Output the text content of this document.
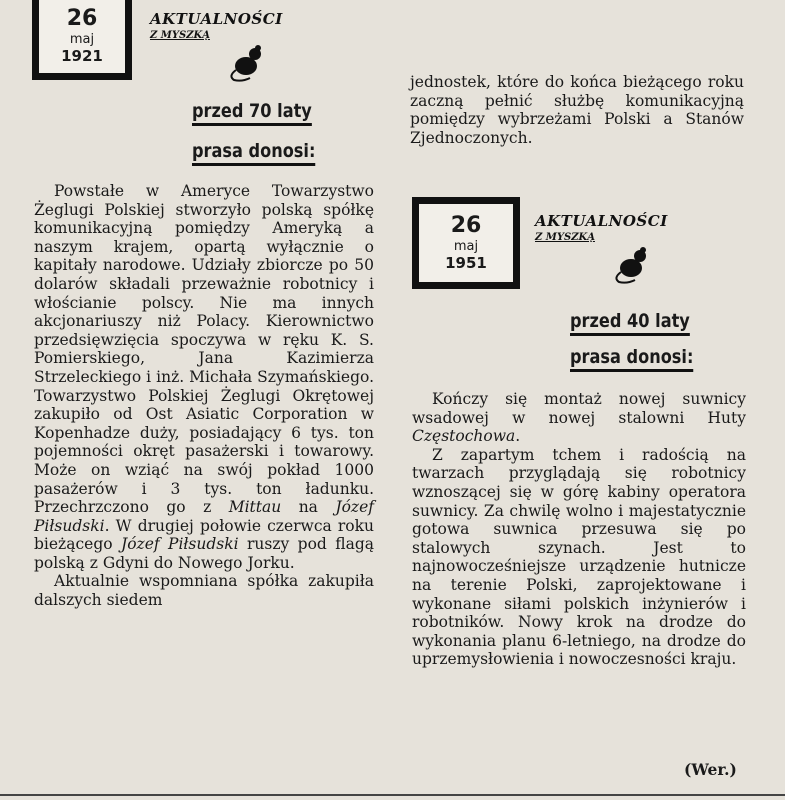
26
maj
1921
AKTUALNOŚCI
Z MYSZKĄ
przed 70 laty
prasa donosi:

Powstałe w Ameryce Towarzystwo Żeglugi Polskiej stworzyło polską spółkę komunikacyjną pomiędzy Ameryką a naszym krajem, opartą wyłącznie o kapitały narodowe. Udziały zbiorcze po 50 dolarów składali przeważnie robotnicy i włościanie polscy. Nie ma innych akcjonariuszy niż Polacy. Kierownictwo przedsięwzięcia spoczywa w ręku K. S. Pomierskiego, Jana Kazimierza Strzeleckiego i inż. Michała Szymańskiego. Towarzystwo Polskiej Żeglugi Okrętowej zakupiło od Ost Asiatic Corporation w Kopenhadze duży, posiadający 6 tys. ton pojemności okręt pasażerski i towarowy. Może on wziąć na swój pokład 1000 pasażerów i 3 tys. ton ładunku. Przechrzczono go z Mittau na Józef Piłsudski. W drugiej połowie czerwca roku bieżącego Józef Piłsudski ruszy pod flagą polską z Gdyni do Nowego Jorku.

Aktualnie wspomniana spółka zakupiła dalszych siedem

jednostek, które do końca bieżącego roku zaczną pełnić służbę komunikacyjną pomiędzy wybrzeżami Polski a Stanów Zjednoczonych.

26
maj
1951
AKTUALNOŚCI
Z MYSZKĄ
przed 40 laty
prasa donosi:

Kończy się montaż nowej suwnicy wsadowej w nowej stalowni Huty Częstochowa.

Z zapartym tchem i radością na twarzach przyglądają się robotnicy wznoszącej się w górę kabiny operatora suwnicy. Za chwilę wolno i majestatycznie gotowa suwnica przesuwa się po stalowych szynach. Jest to najnowocześniejsze urządzenie hutnicze na terenie Polski, zaprojektowane i wykonane siłami polskich inżynierów i robotników. Nowy krok na drodze do wykonania planu 6-letniego, na drodze do uprzemysłowienia i nowoczesności kraju.

(Wer.)
